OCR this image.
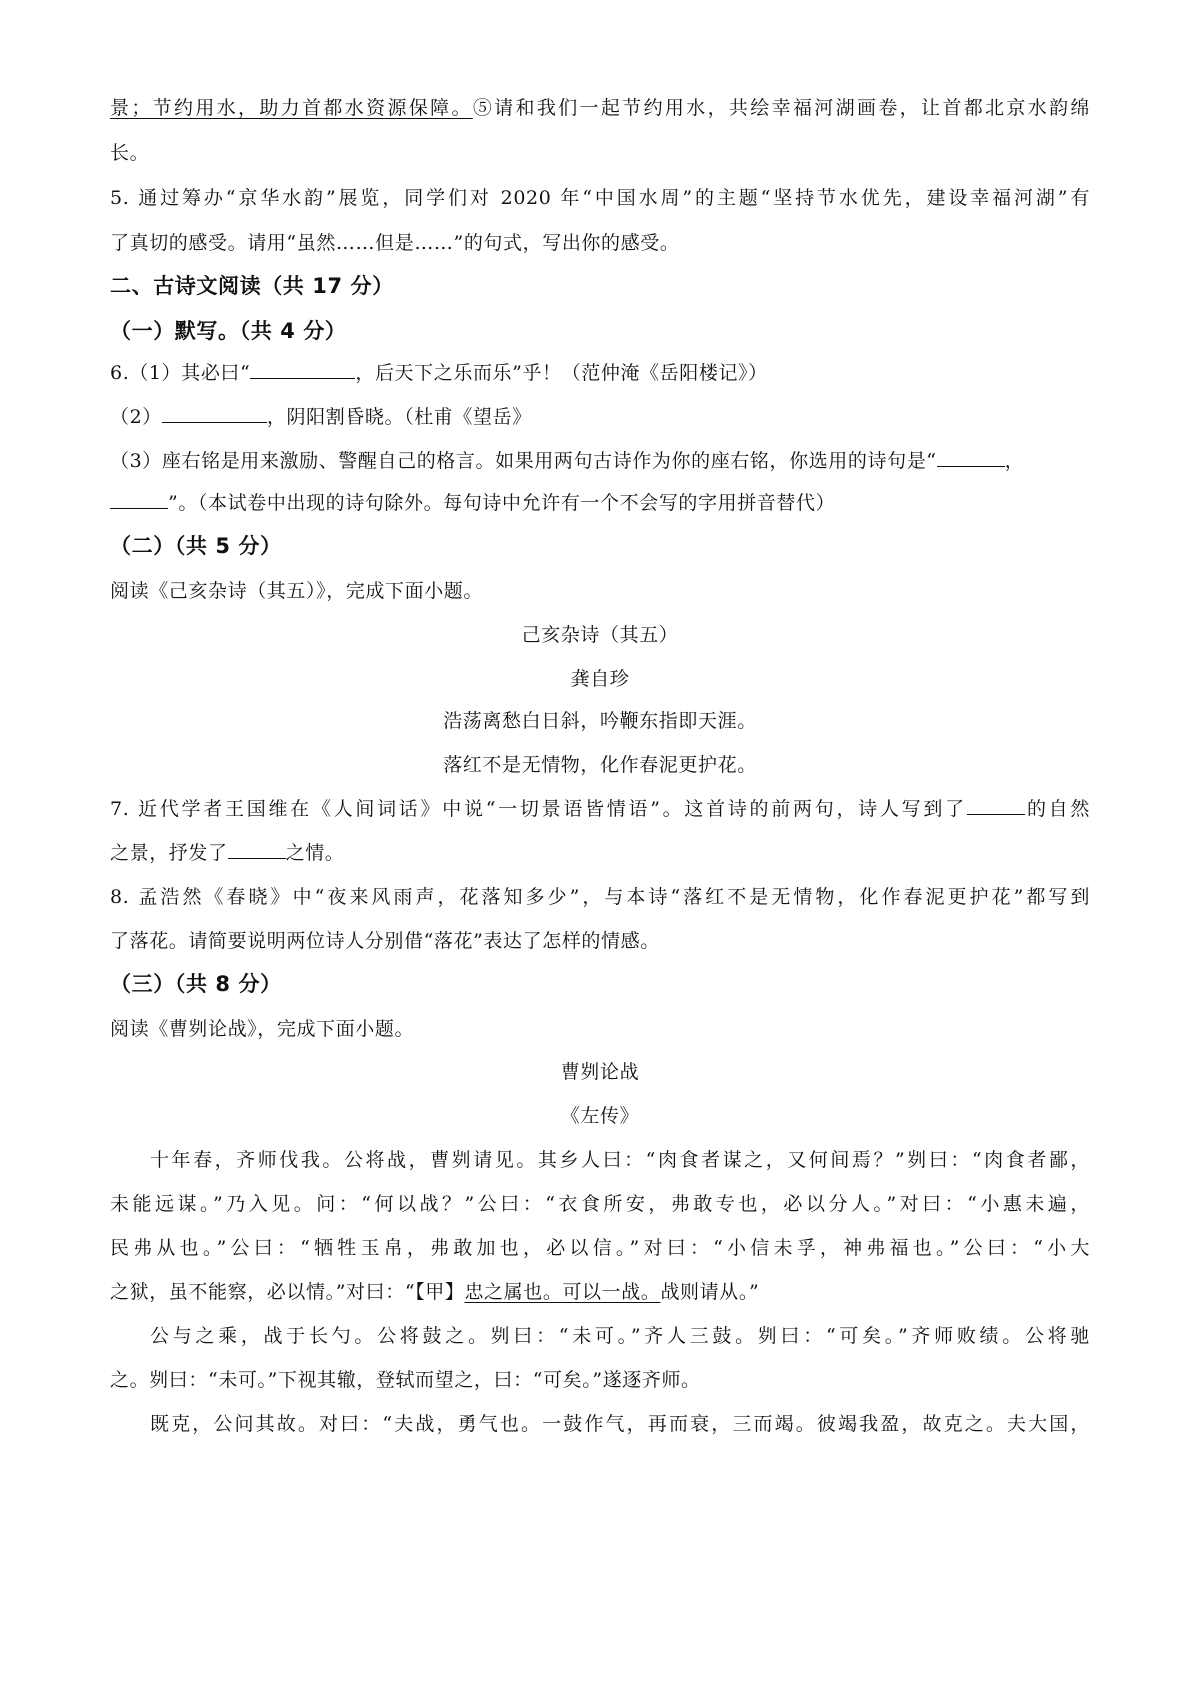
景；节约用水，助力首都水资源保障。⑤请和我们一起节约用水，共绘幸福河湖画卷，让首都北京水韵绵
长。
5. 通过筹办“京华水韵”展览，同学们对 2020 年“中国水周”的主题“坚持节水优先，建设幸福河湖”有
了真切的感受。请用“虽然……但是……”的句式，写出你的感受。
二、古诗文阅读（共 17 分）
（一）默写。（共 4 分）
6.（1）其必曰“	，后天下之乐而乐”乎！（范仲淹《岳阳楼记》）
（2）	，阴阳割昏晓。（杜甫《望岳》
（3）座右铭是用来激励、警醒自己的格言。如果用两句古诗作为你的座右铭，你选用的诗句是“	，
”。（本试卷中出现的诗句除外。每句诗中允许有一个不会写的字用拼音替代）
（二）（共 5 分）
阅读《己亥杂诗（其五）》，完成下面小题。
己亥杂诗（其五）
龚自珍
浩荡离愁白日斜，吟鞭东指即天涯。
落红不是无情物，化作春泥更护花。
7. 近代学者王国维在《人间词话》中说“一切景语皆情语”。这首诗的前两句，诗人写到了	的自然
之景，抒发了	之情。
8. 孟浩然《春晓》中“夜来风雨声，花落知多少”，与本诗“落红不是无情物，化作春泥更护花”都写到
了落花。请简要说明两位诗人分别借“落花”表达了怎样的情感。
（三）（共 8 分）
阅读《曹刿论战》，完成下面小题。
曹刿论战
《左传》
十年春，齐师伐我。公将战，曹刿请见。其乡人曰：“肉食者谋之，又何间焉？”刿曰：“肉食者鄙，
未能远谋。”乃入见。问：“何以战？”公曰：“衣食所安，弗敢专也，必以分人。”对曰：“小惠未遍，
民弗从也。”公曰：“牺牲玉帛，弗敢加也，必以信。”对曰：“小信未孚，神弗福也。”公曰：“小大
之狱，虽不能察，必以情。”对曰：“【甲】忠之属也。可以一战。战则请从。”
公与之乘，战于长勺。公将鼓之。刿曰：“未可。”齐人三鼓。刿曰：“可矣。”齐师败绩。公将驰
之。刿曰：“未可。”下视其辙，登轼而望之，曰：“可矣。”遂逐齐师。
既克，公问其故。对曰：“夫战，勇气也。一鼓作气，再而衰，三而竭。彼竭我盈，故克之。夫大国，
